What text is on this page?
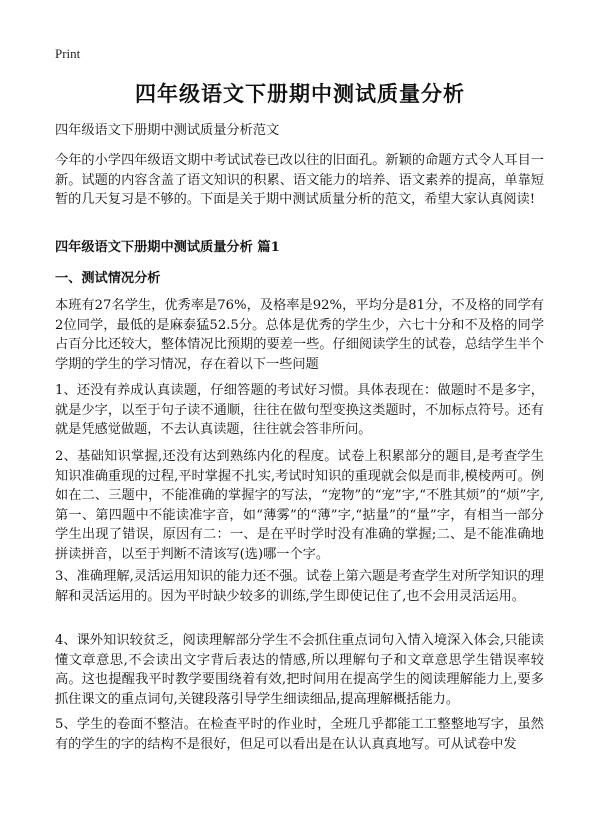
Print
四年级语文下册期中测试质量分析

四年级语文下册期中测试质量分析范文

今年的小学四年级语文期中考试试卷已改以往的旧面孔。新颖的命题方式令人耳目一新。试题的内容含盖了语文知识的积累、语文能力的培养、语文素养的提高，单靠短暂的几天复习是不够的。下面是关于期中测试质量分析的范文，希望大家认真阅读!

四年级语文下册期中测试质量分析 篇1
一、测试情况分析

本班有27名学生，优秀率是76%，及格率是92%，平均分是81分，不及格的同学有2位同学，最低的是麻泰猛52.5分。总体是优秀的学生少，六七十分和不及格的同学占百分比还较大，整体情况比预期的要差一些。仔细阅读学生的试卷，总结学生半个学期的学生的学习情况，存在着以下一些问题

1、还没有养成认真读题，仔细答题的考试好习惯。具体表现在：做题时不是多字，就是少字，以至于句子读不通顺，往往在做句型变换这类题时，不加标点符号。还有就是凭感觉做题，不去认真读题，往往就会答非所问。

2、基础知识掌握,还没有达到熟练内化的程度。试卷上积累部分的题目,是考查学生知识准确重现的过程,平时掌握不扎实,考试时知识的重现就会似是而非,模棱两可。例如在二、三题中，不能准确的掌握字的写法，“宠物”的“宠”字,“不胜其烦”的“烦”字,第一、第四题中不能读准字音，如“薄雾”的“薄”字,“掂量”的“量”字，有相当一部分学生出现了错误，原因有二：一、是在平时学时没有准确的掌握;二、是不能准确地拼读拼音，以至于判断不清该写(选)哪一个字。

3、准确理解,灵活运用知识的能力还不强。试卷上第六题是考查学生对所学知识的理解和灵活运用的。因为平时缺少较多的训练,学生即使记住了,也不会用灵活运用。

4、课外知识较贫乏，阅读理解部分学生不会抓住重点词句入情入境深入体会,只能读懂文章意思,不会读出文字背后表达的情感,所以理解句子和文章意思学生错误率较高。这也提醒我平时教学要围绕着有效,把时间用在提高学生的阅读理解能力上,要多抓住课文的重点词句,关键段落引导学生细读细品,提高理解概括能力。

5、学生的卷面不整洁。在检查平时的作业时，全班几乎都能工工整整地写字，虽然有的学生的字的结构不是很好，但足可以看出是在认认真真地写。可从试卷中发
